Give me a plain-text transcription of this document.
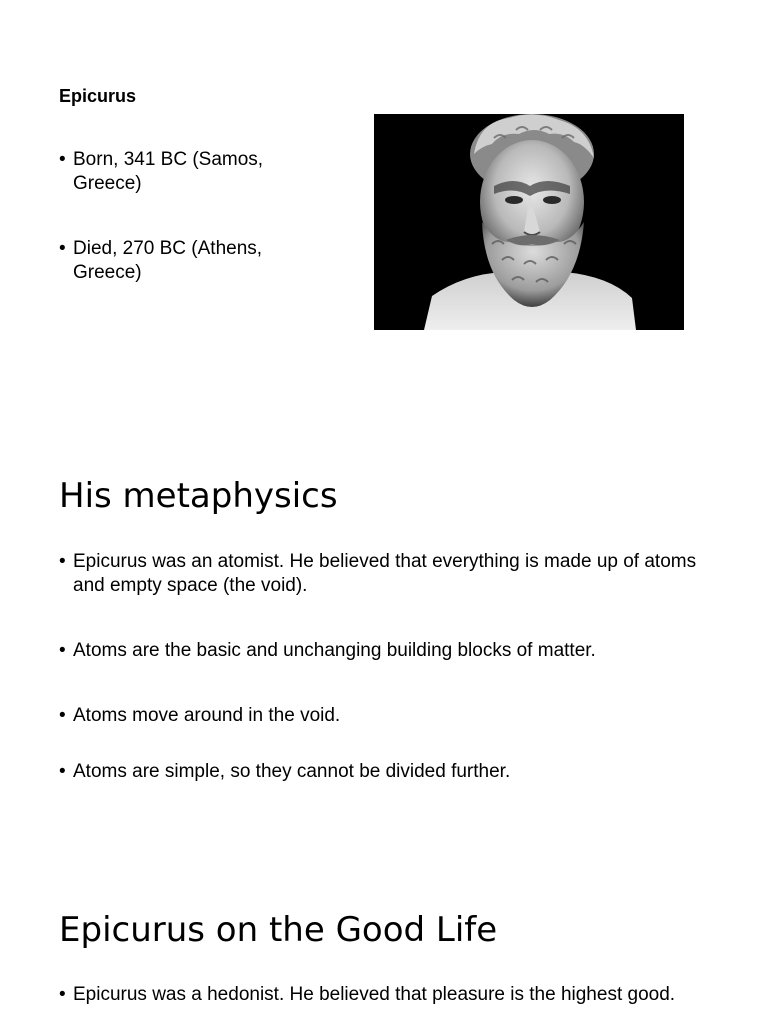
Epicurus
• Born, 341 BC (Samos, Greece)
• Died, 270 BC (Athens, Greece)
His metaphysics
• Epicurus was an atomist. He believed that everything is made up of atoms and empty space (the void).
• Atoms are the basic and unchanging building blocks of matter.
• Atoms move around in the void.
• Atoms are simple, so they cannot be divided further.
Epicurus on the Good Life
• Epicurus was a hedonist. He believed that pleasure is the highest good.
